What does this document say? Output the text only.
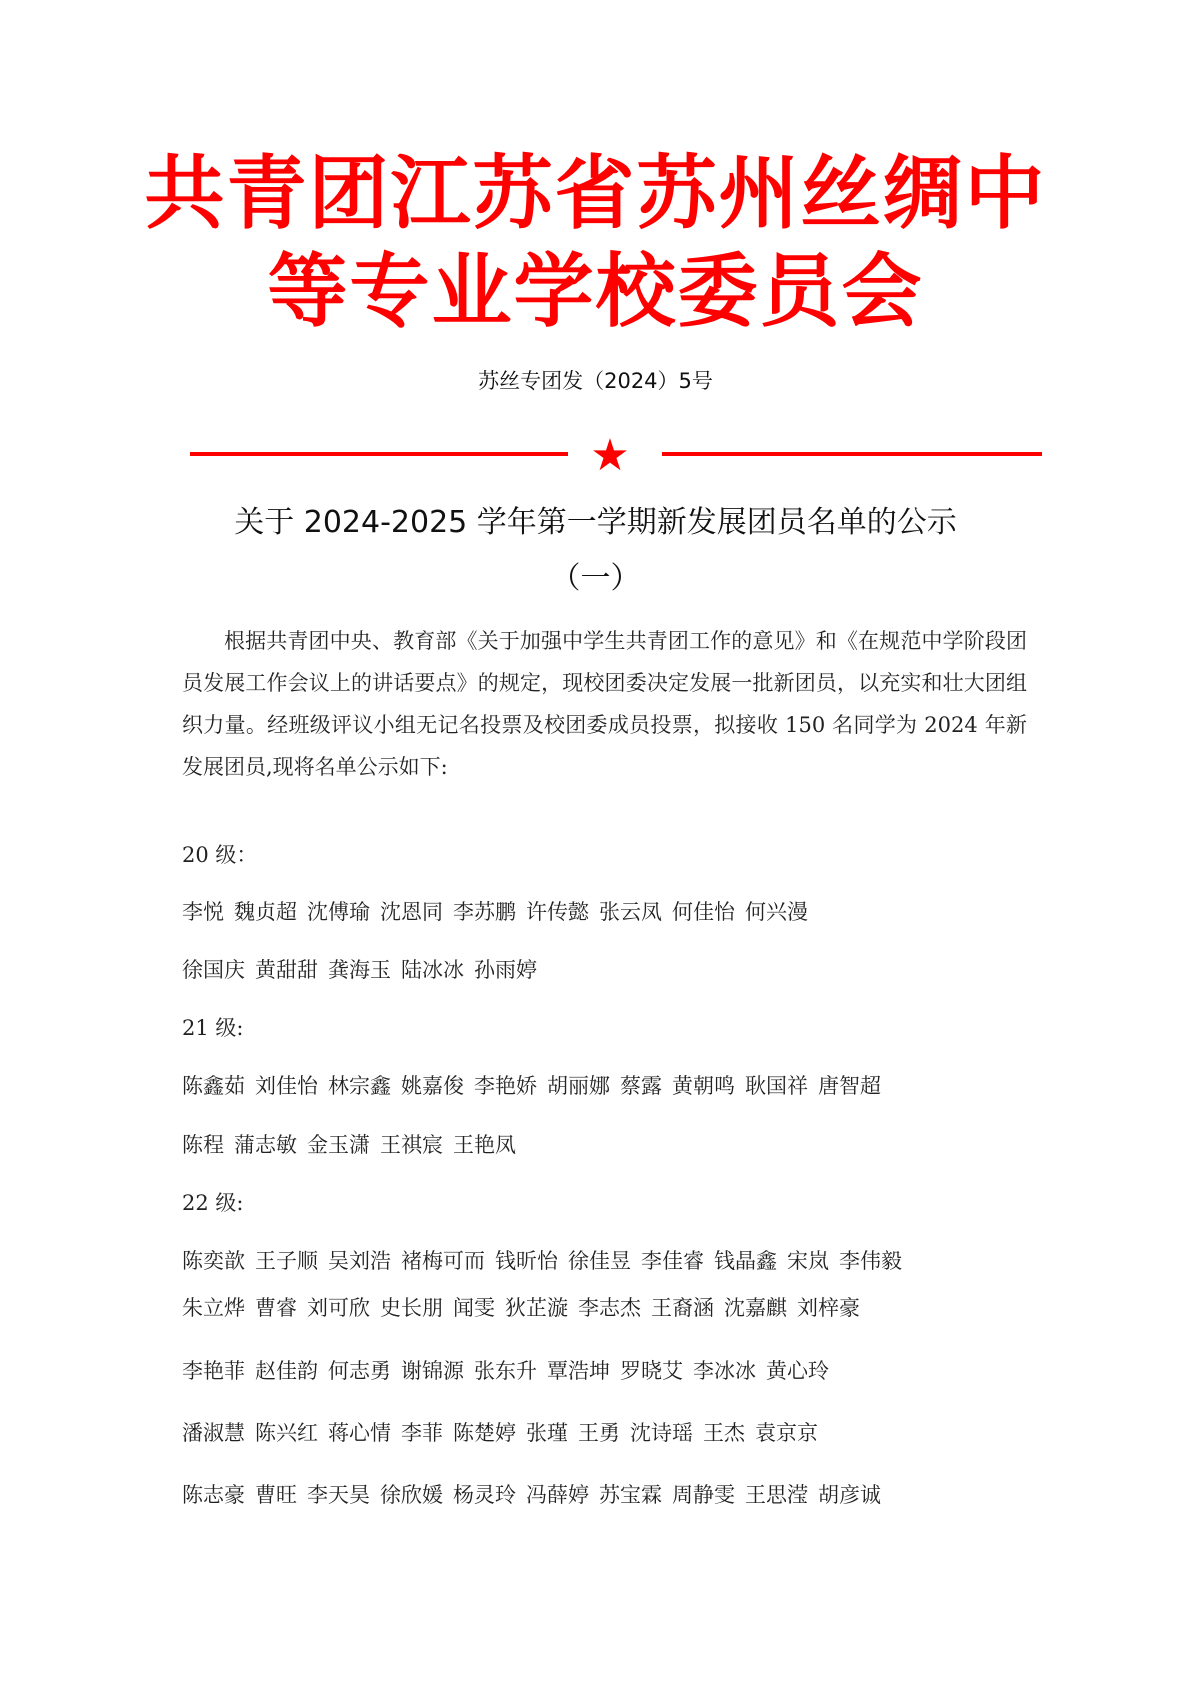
共青团江苏省苏州丝绸中
等专业学校委员会
苏丝专团发（2024）5号
★
关于 2024-2025 学年第一学期新发展团员名单的公示
（一）
根据共青团中央、教育部《关于加强中学生共青团工作的意见》和《在规范中学阶段团员发展工作会议上的讲话要点》的规定，现校团委决定发展一批新团员，以充实和壮大团组织力量。经班级评议小组无记名投票及校团委成员投票，拟接收 150 名同学为 2024 年新发展团员,现将名单公示如下:
20 级：
李悦 魏贞超 沈傅瑜 沈恩同 李苏鹏 许传懿 张云凤 何佳怡 何兴漫
徐国庆 黄甜甜 龚海玉 陆冰冰 孙雨婷
21 级:
陈鑫茹 刘佳怡 林宗鑫 姚嘉俊 李艳娇 胡丽娜 蔡露 黄朝鸣 耿国祥 唐智超
陈程 蒲志敏 金玉潇 王祺宸 王艳凤
22 级:
陈奕歆 王子顺 吴刘浩 褚梅可而 钱昕怡 徐佳昱 李佳睿 钱晶鑫 宋岚 李伟毅
朱立烨 曹睿 刘可欣 史长朋 闻雯 狄芷漩 李志杰 王裔涵 沈嘉麒 刘梓豪
李艳菲 赵佳韵 何志勇 谢锦源 张东升 覃浩坤 罗晓艾 李冰冰 黄心玲
潘淑慧 陈兴红 蒋心情 李菲 陈楚婷 张瑾 王勇 沈诗瑶 王杰 袁京京
陈志豪 曹旺 李天昊 徐欣媛 杨灵玲 冯薛婷 苏宝霖 周静雯 王思滢 胡彦诚
